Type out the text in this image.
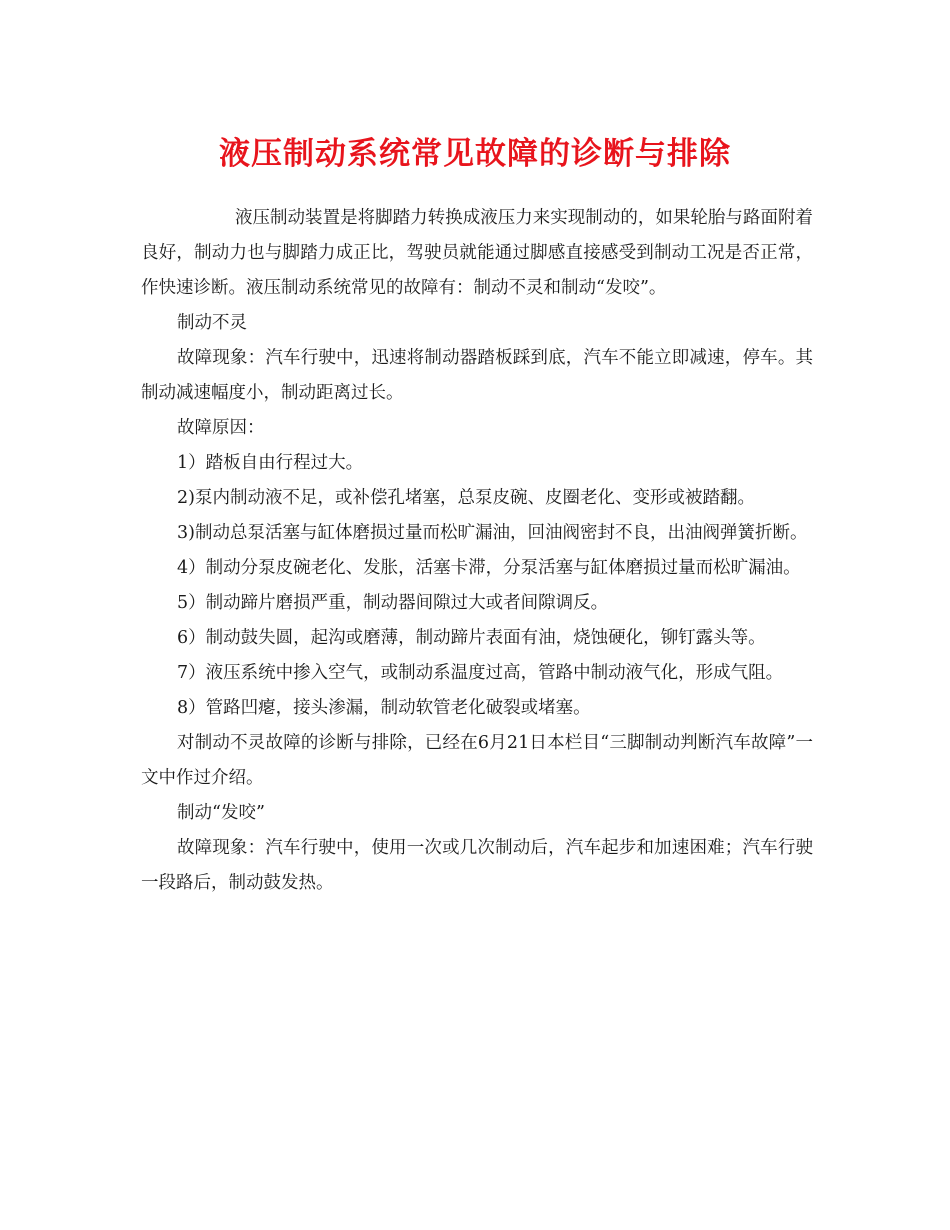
液压制动系统常见故障的诊断与排除

液压制动装置是将脚踏力转换成液压力来实现制动的，如果轮胎与路面附着良好，制动力也与脚踏力成正比，驾驶员就能通过脚感直接感受到制动工况是否正常，作快速诊断。液压制动系统常见的故障有：制动不灵和制动“发咬”。

制动不灵

故障现象：汽车行驶中，迅速将制动器踏板踩到底，汽车不能立即减速，停车。其制动减速幅度小，制动距离过长。

故障原因：

1）踏板自由行程过大。

2)泵内制动液不足，或补偿孔堵塞，总泵皮碗、皮圈老化、变形或被踏翻。

3)制动总泵活塞与缸体磨损过量而松旷漏油，回油阀密封不良，出油阀弹簧折断。

4）制动分泵皮碗老化、发胀，活塞卡滞，分泵活塞与缸体磨损过量而松旷漏油。

5）制动蹄片磨损严重，制动器间隙过大或者间隙调反。

6）制动鼓失圆，起沟或磨薄，制动蹄片表面有油，烧蚀硬化，铆钉露头等。

7）液压系统中掺入空气，或制动系温度过高，管路中制动液气化，形成气阻。

8）管路凹瘪，接头渗漏，制动软管老化破裂或堵塞。

对制动不灵故障的诊断与排除，已经在6月21日本栏目“三脚制动判断汽车故障”一文中作过介绍。

制动“发咬”

故障现象：汽车行驶中，使用一次或几次制动后，汽车起步和加速困难；汽车行驶一段路后，制动鼓发热。
